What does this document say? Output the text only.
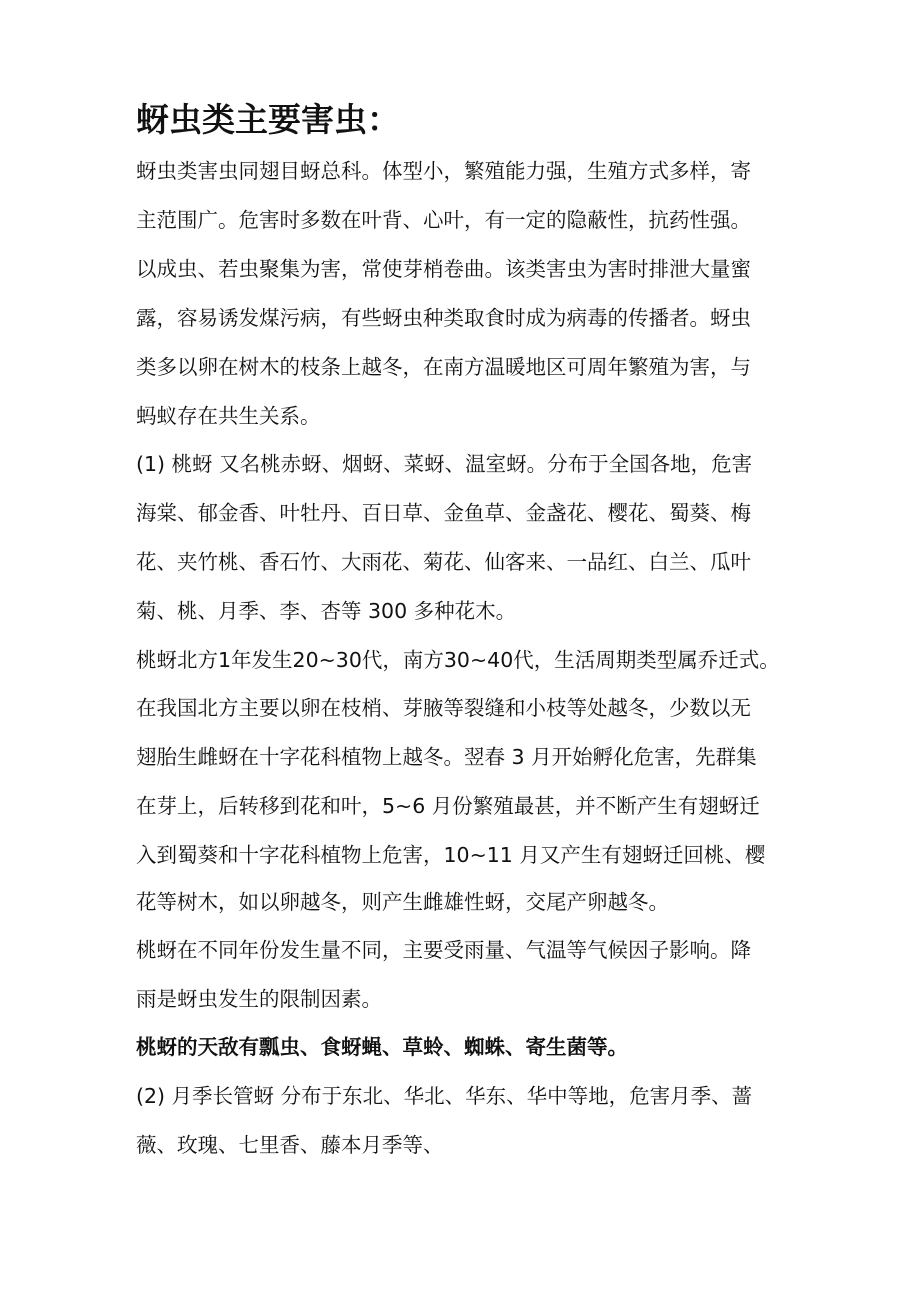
蚜虫类主要害虫：

蚜虫类害虫同翅目蚜总科。体型小，繁殖能力强，生殖方式多样，寄

主范围广。危害时多数在叶背、心叶，有一定的隐蔽性，抗药性强。

以成虫、若虫聚集为害，常使芽梢卷曲。该类害虫为害时排泄大量蜜

露，容易诱发煤污病，有些蚜虫种类取食时成为病毒的传播者。蚜虫

类多以卵在树木的枝条上越冬，在南方温暖地区可周年繁殖为害，与

蚂蚁存在共生关系。

(1) 桃蚜 又名桃赤蚜、烟蚜、菜蚜、温室蚜。分布于全国各地，危害

海棠、郁金香、叶牡丹、百日草、金鱼草、金盏花、樱花、蜀葵、梅

花、夹竹桃、香石竹、大雨花、菊花、仙客来、一品红、白兰、瓜叶

菊、桃、月季、李、杏等 300 多种花木。

桃蚜北方1年发生20~30代，南方30~40代，生活周期类型属乔迁式。

在我国北方主要以卵在枝梢、芽腋等裂缝和小枝等处越冬，少数以无

翅胎生雌蚜在十字花科植物上越冬。翌春 3 月开始孵化危害，先群集

在芽上，后转移到花和叶，5~6 月份繁殖最甚，并不断产生有翅蚜迁

入到蜀葵和十字花科植物上危害，10~11 月又产生有翅蚜迁回桃、樱

花等树木，如以卵越冬，则产生雌雄性蚜，交尾产卵越冬。

桃蚜在不同年份发生量不同，主要受雨量、气温等气候因子影响。降

雨是蚜虫发生的限制因素。

桃蚜的天敌有瓢虫、食蚜蝇、草蛉、蜘蛛、寄生菌等。

(2) 月季长管蚜 分布于东北、华北、华东、华中等地，危害月季、蔷

薇、玫瑰、七里香、藤本月季等、
